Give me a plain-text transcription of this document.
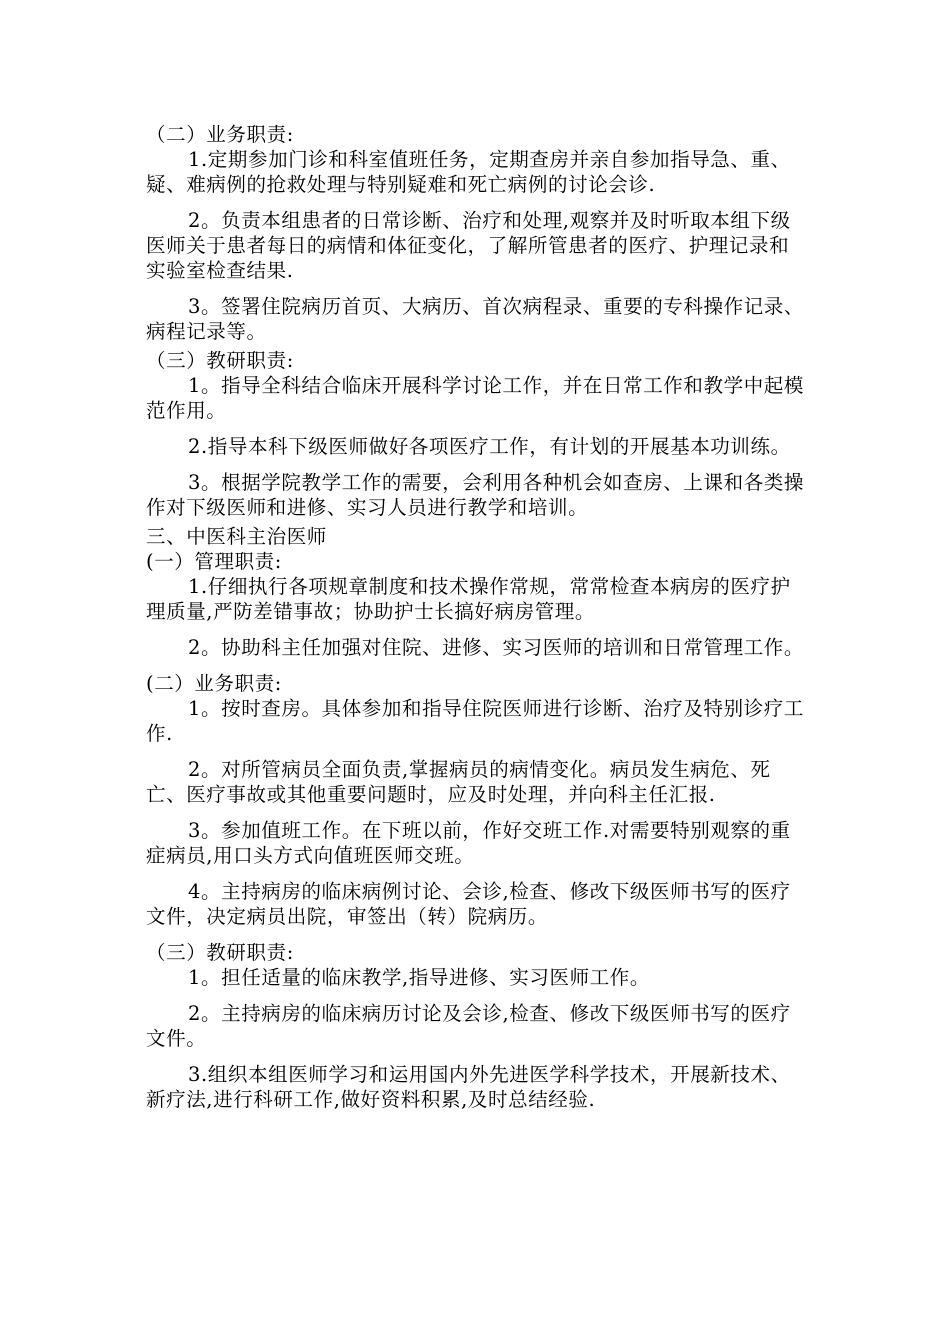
（二）业务职责:
1.定期参加门诊和科室值班任务，定期查房并亲自参加指导急、重、疑、难病例的抢救处理与特别疑难和死亡病例的讨论会诊.
2。负责本组患者的日常诊断、治疗和处理,观察并及时听取本组下级医师关于患者每日的病情和体征变化，了解所管患者的医疗、护理记录和实验室检查结果.
3。签署住院病历首页、大病历、首次病程录、重要的专科操作记录、病程记录等。
（三）教研职责:
1。指导全科结合临床开展科学讨论工作，并在日常工作和教学中起模范作用。
2.指导本科下级医师做好各项医疗工作，有计划的开展基本功训练。
3。根据学院教学工作的需要，会利用各种机会如查房、上课和各类操作对下级医师和进修、实习人员进行教学和培训。
三、中医科主治医师
(一）管理职责:
1.仔细执行各项规章制度和技术操作常规，常常检查本病房的医疗护理质量,严防差错事故；协助护士长搞好病房管理。
2。协助科主任加强对住院、进修、实习医师的培训和日常管理工作。
(二）业务职责:
1。按时查房。具体参加和指导住院医师进行诊断、治疗及特别诊疗工作.
2。对所管病员全面负责,掌握病员的病情变化。病员发生病危、死亡、医疗事故或其他重要问题时，应及时处理，并向科主任汇报.
3。参加值班工作。在下班以前，作好交班工作.对需要特别观察的重症病员,用口头方式向值班医师交班。
4。主持病房的临床病例讨论、会诊,检查、修改下级医师书写的医疗文件，决定病员出院，审签出（转）院病历。
（三）教研职责:
1。担任适量的临床教学,指导进修、实习医师工作。
2。主持病房的临床病历讨论及会诊,检查、修改下级医师书写的医疗文件。
3.组织本组医师学习和运用国内外先进医学科学技术，开展新技术、新疗法,进行科研工作,做好资料积累,及时总结经验.
